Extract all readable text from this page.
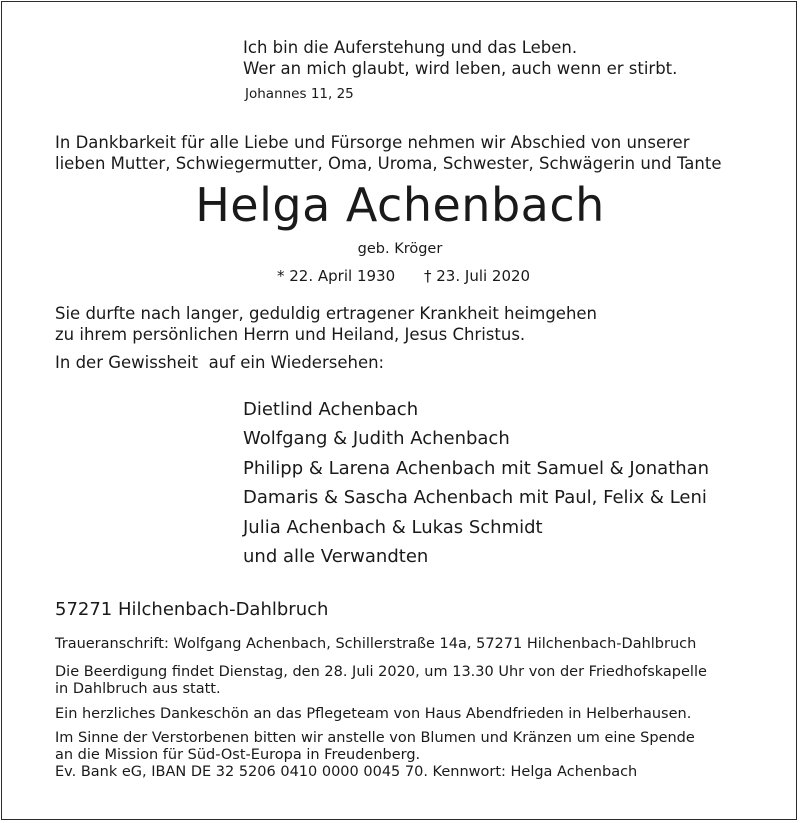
Ich bin die Auferstehung und das Leben.
Wer an mich glaubt, wird leben, auch wenn er stirbt.
Johannes 11, 25
In Dankbarkeit für alle Liebe und Fürsorge nehmen wir Abschied von unserer
lieben Mutter, Schwiegermutter, Oma, Uroma, Schwester, Schwägerin und Tante
Helga Achenbach
geb. Kröger
* 22. April 1930 † 23. Juli 2020
Sie durfte nach langer, geduldig ertragener Krankheit heimgehen
zu ihrem persönlichen Herrn und Heiland, Jesus Christus.
In der Gewissheit  auf ein Wiedersehen:
Dietlind Achenbach
Wolfgang & Judith Achenbach
Philipp & Larena Achenbach mit Samuel & Jonathan
Damaris & Sascha Achenbach mit Paul, Felix & Leni
Julia Achenbach & Lukas Schmidt
und alle Verwandten
57271 Hilchenbach-Dahlbruch
Traueranschrift: Wolfgang Achenbach, Schillerstraße 14a, 57271 Hilchenbach-Dahlbruch
Die Beerdigung findet Dienstag, den 28. Juli 2020, um 13.30 Uhr von der Friedhofskapelle
in Dahlbruch aus statt.
Ein herzliches Dankeschön an das Pflegeteam von Haus Abendfrieden in Helberhausen.
Im Sinne der Verstorbenen bitten wir anstelle von Blumen und Kränzen um eine Spende
an die Mission für Süd-Ost-Europa in Freudenberg.
Ev. Bank eG, IBAN DE 32 5206 0410 0000 0045 70. Kennwort: Helga Achenbach
